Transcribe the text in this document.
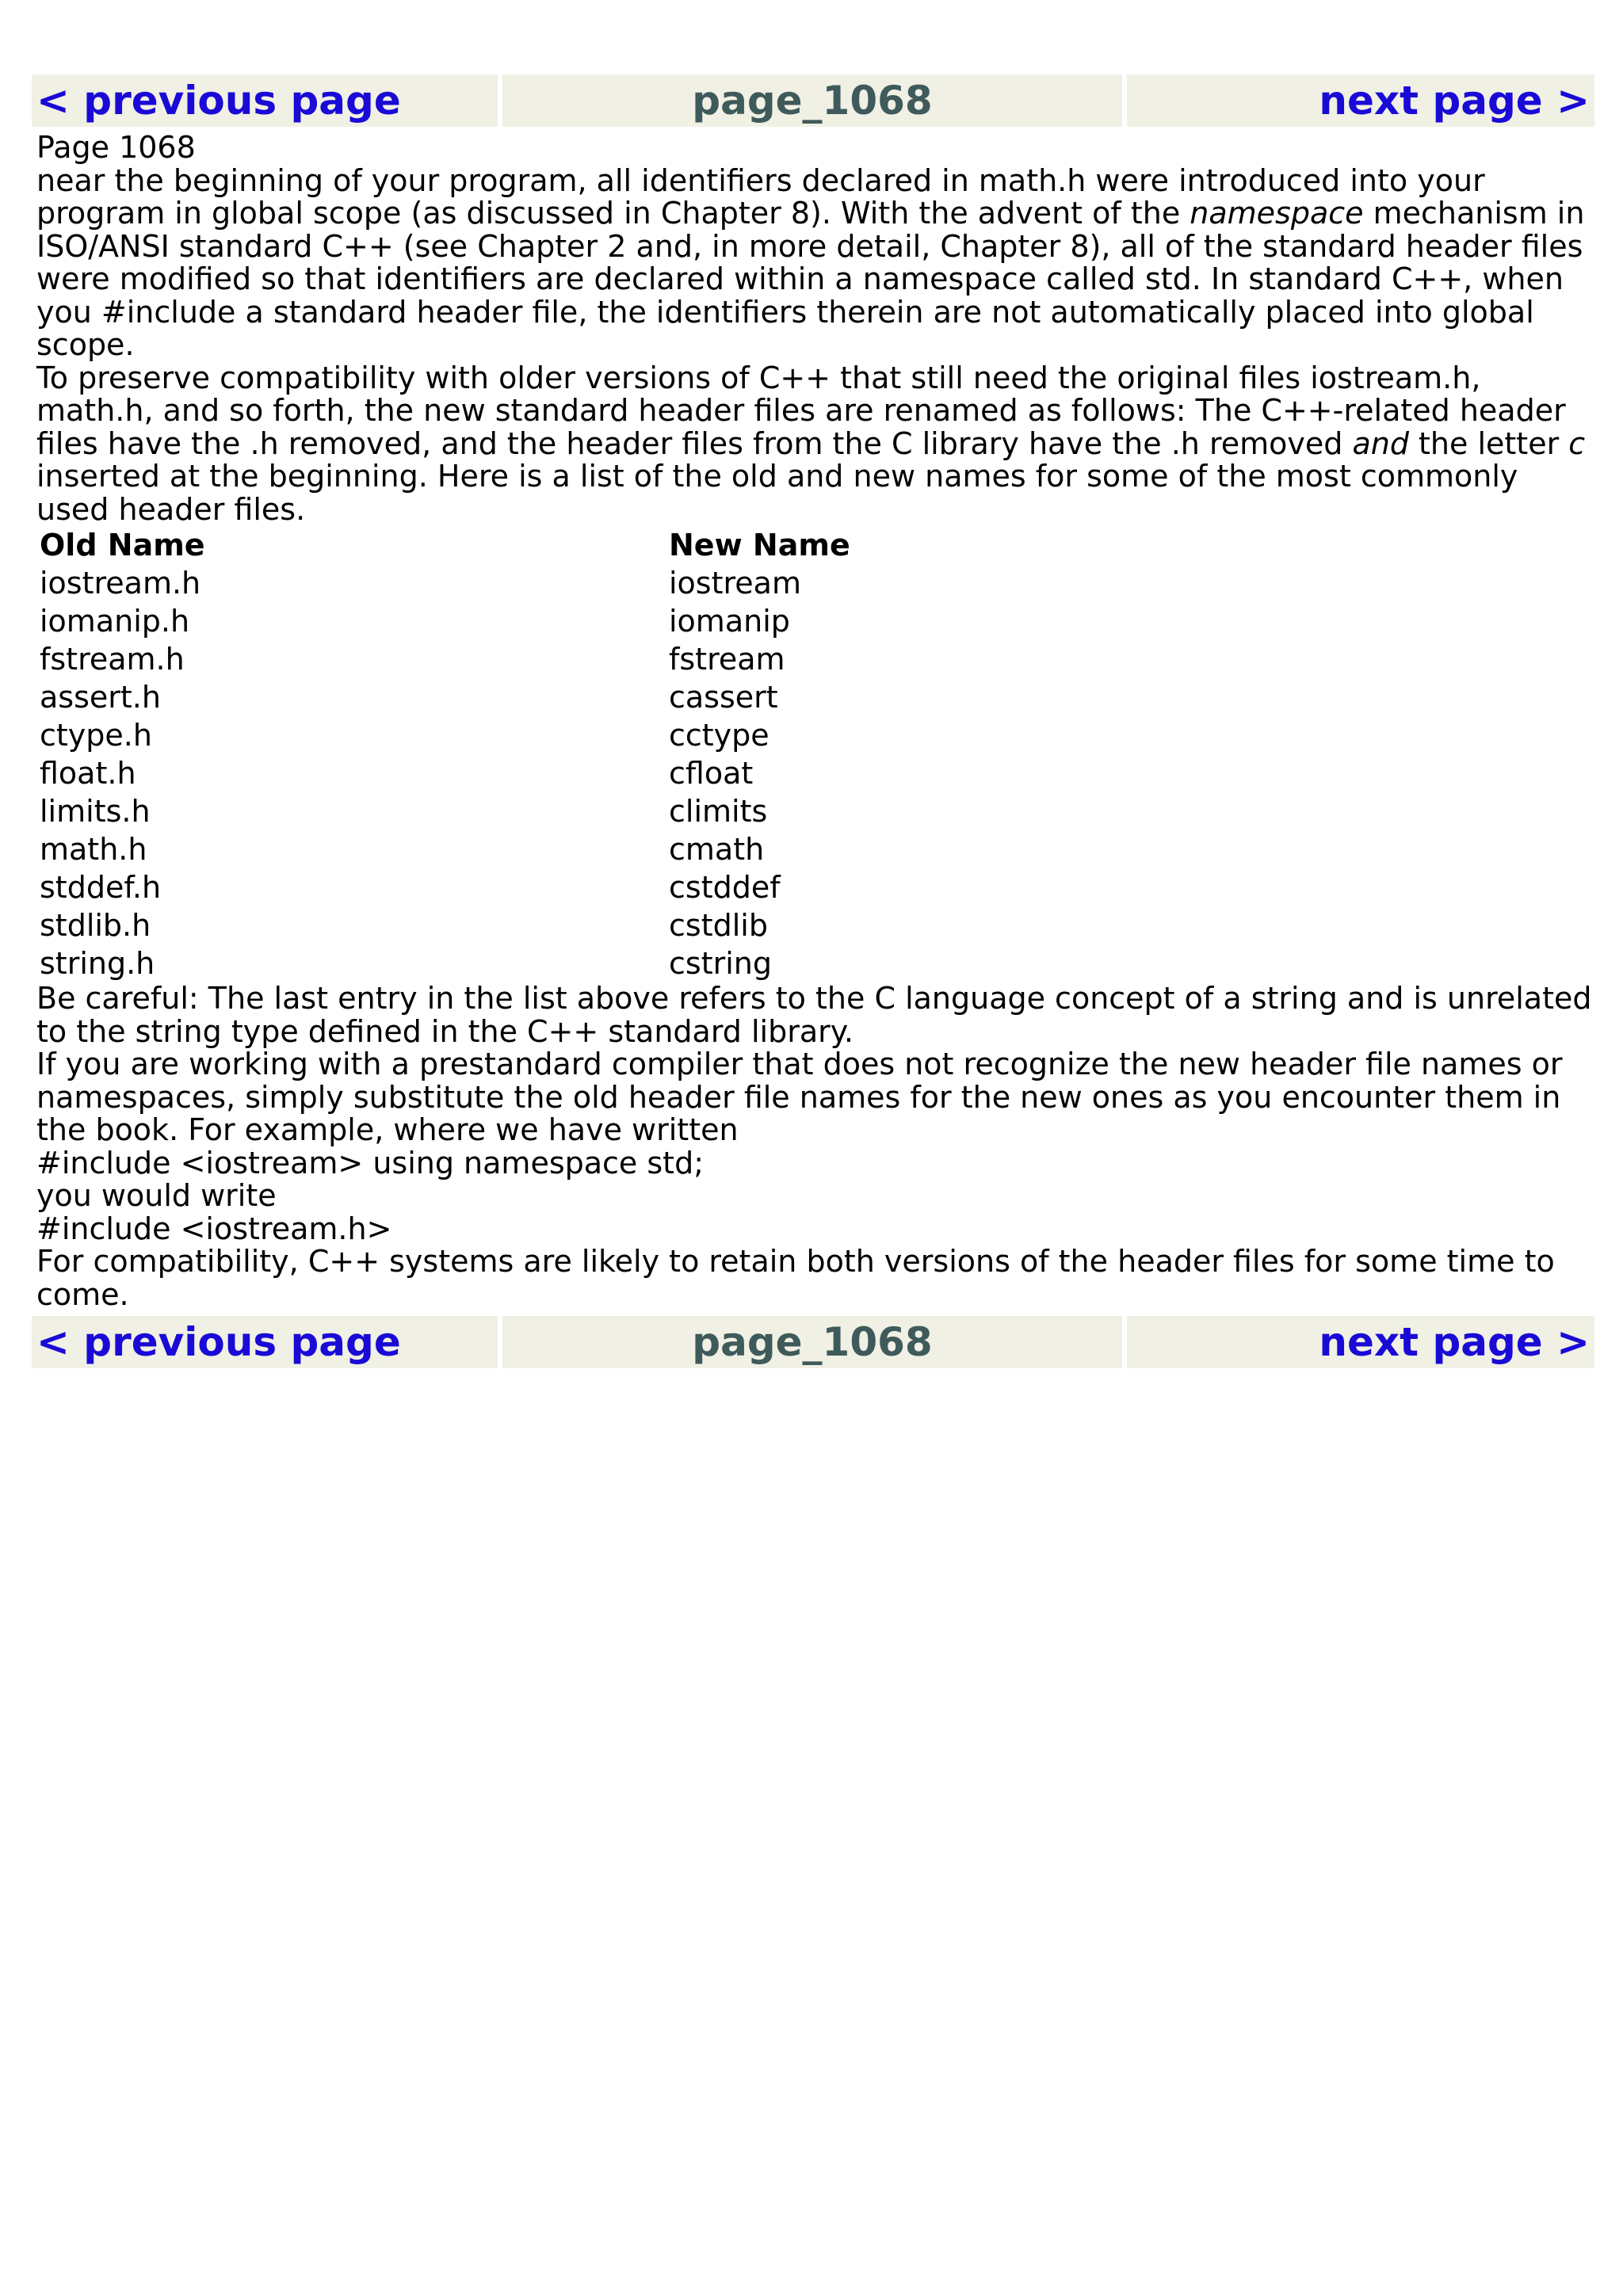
< previous page	page_1068	next page >

Page 1068

near the beginning of your program, all identifiers declared in math.h were introduced into your program in global scope (as discussed in Chapter 8). With the advent of the namespace mechanism in ISO/ANSI standard C++ (see Chapter 2 and, in more detail, Chapter 8), all of the standard header files were modified so that identifiers are declared within a namespace called std. In standard C++, when you #include a standard header file, the identifiers therein are not automatically placed into global scope.

To preserve compatibility with older versions of C++ that still need the original files iostream.h, math.h, and so forth, the new standard header files are renamed as follows: The C++-related header files have the .h removed, and the header files from the C library have the .h removed and the letter c inserted at the beginning. Here is a list of the old and new names for some of the most commonly used header files.

Old Name	New Name
iostream.h	iostream
iomanip.h	iomanip
fstream.h	fstream
assert.h	cassert
ctype.h	cctype
float.h	cfloat
limits.h	climits
math.h	cmath
stddef.h	cstddef
stdlib.h	cstdlib
string.h	cstring

Be careful: The last entry in the list above refers to the C language concept of a string and is unrelated to the string type defined in the C++ standard library.

If you are working with a prestandard compiler that does not recognize the new header file names or namespaces, simply substitute the old header file names for the new ones as you encounter them in the book. For example, where we have written

#include <iostream> using namespace std;

you would write

#include <iostream.h>

For compatibility, C++ systems are likely to retain both versions of the header files for some time to come.

< previous page	page_1068	next page >
